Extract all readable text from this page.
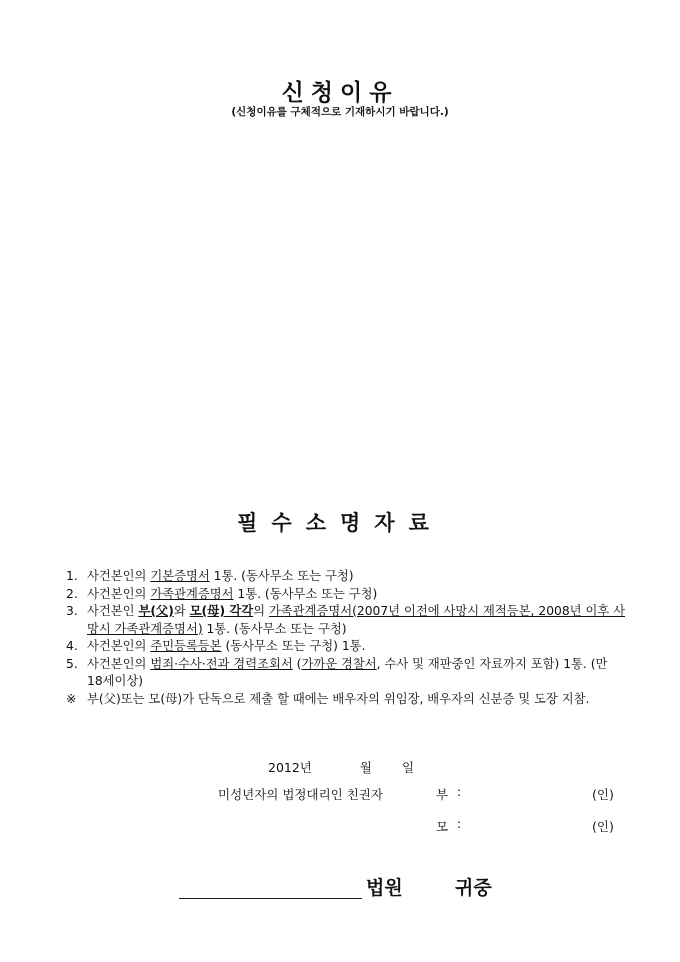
신청이유
(신청이유를 구체적으로 기재하시기 바랍니다.)
필수소명자료
1. 사건본인의 기본증명서 1통. (동사무소 또는 구청)
2. 사건본인의 가족관계증명서 1통. (동사무소 또는 구청)
3. 사건본인 부(父)와 모(母) 각각의 가족관계증명서(2007년 이전에 사망시 제적등본, 2008년 이후 사망시 가족관계증명서) 1통. (동사무소 또는 구청)
4. 사건본인의 주민등록등본 (동사무소 또는 구청) 1통.
5. 사건본인의 범죄·수사·전과 경력조회서 (가까운 경찰서, 수사 및 재판중인 자료까지 포함) 1통. (만 18세이상)
※ 부(父)또는 모(母)가 단독으로 제출 할 때에는 배우자의 위임장, 배우자의 신분증 및 도장 지참.
2012년	월 일
미성년자의 법정대리인 친권자	부 :	(인)
모 :	(인)
법원	귀중
